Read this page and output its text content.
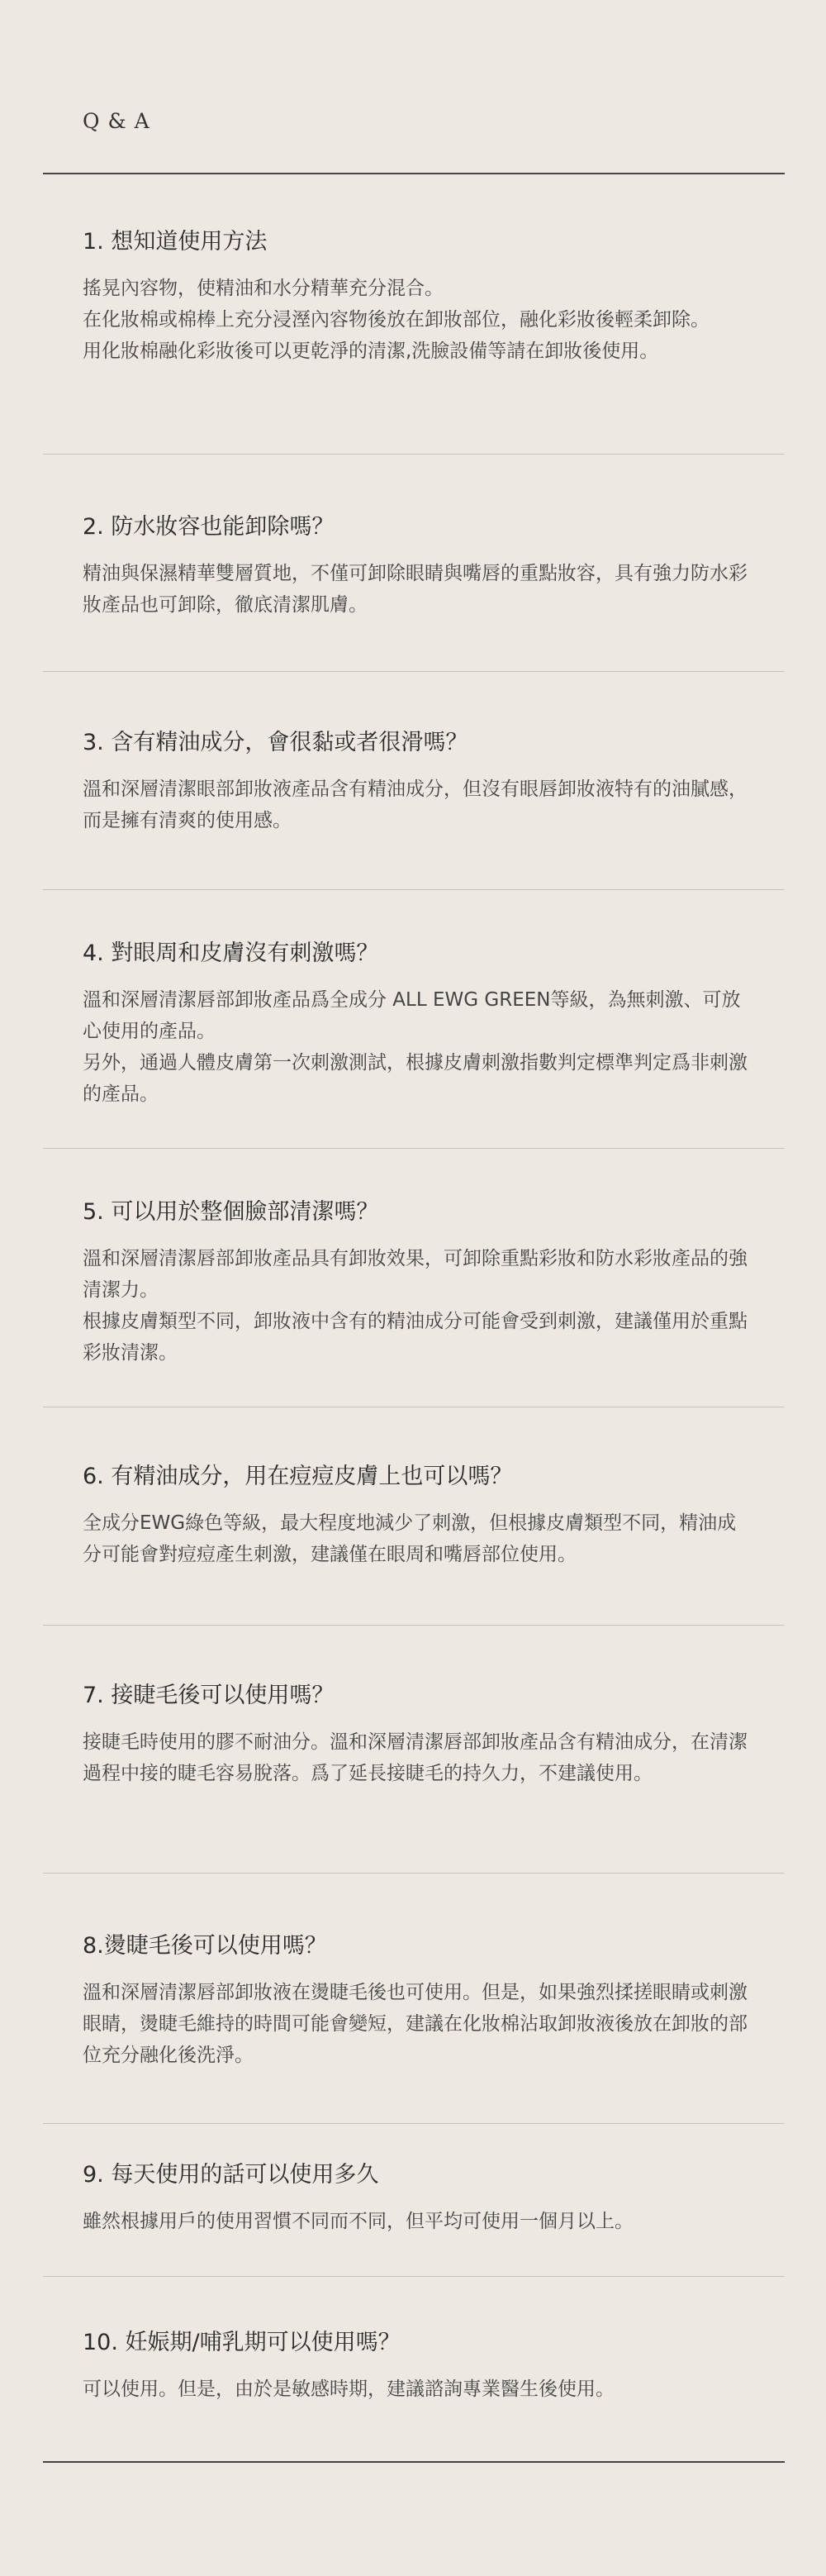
Q & A
1. 想知道使用方法

搖晃內容物，使精油和水分精華充分混合。

在化妝棉或棉棒上充分浸溼內容物後放在卸妝部位，融化彩妝後輕柔卸除。

用化妝棉融化彩妝後可以更乾淨的清潔,洗臉設備等請在卸妝後使用。

2. 防水妝容也能卸除嗎？

精油與保濕精華雙層質地，不僅可卸除眼睛與嘴唇的重點妝容，具有強力防水彩妝產品也可卸除，徹底清潔肌膚。

3. 含有精油成分，會很黏或者很滑嗎？

溫和深層清潔眼部卸妝液產品含有精油成分，但沒有眼唇卸妝液特有的油膩感，而是擁有清爽的使用感。

4. 對眼周和皮膚沒有刺激嗎？

溫和深層清潔唇部卸妝產品爲全成分 ALL EWG GREEN等級，為無刺激、可放心使用的產品。

另外，通過人體皮膚第一次刺激測試，根據皮膚刺激指數判定標準判定爲非刺激的產品。

5. 可以用於整個臉部清潔嗎？

溫和深層清潔唇部卸妝產品具有卸妝效果，可卸除重點彩妝和防水彩妝產品的強清潔力。

根據皮膚類型不同，卸妝液中含有的精油成分可能會受到刺激，建議僅用於重點彩妝清潔。

6. 有精油成分，用在痘痘皮膚上也可以嗎？

全成分EWG綠色等級，最大程度地減少了刺激，但根據皮膚類型不同，精油成分可能會對痘痘產生刺激，建議僅在眼周和嘴唇部位使用。

7. 接睫毛後可以使用嗎？

接睫毛時使用的膠不耐油分。溫和深層清潔唇部卸妝產品含有精油成分，在清潔過程中接的睫毛容易脫落。爲了延長接睫毛的持久力，不建議使用。

8.燙睫毛後可以使用嗎？

溫和深層清潔唇部卸妝液在燙睫毛後也可使用。但是，如果強烈揉搓眼睛或刺激眼睛，燙睫毛維持的時間可能會變短，建議在化妝棉沾取卸妝液後放在卸妝的部位充分融化後洗淨。

9. 每天使用的話可以使用多久

雖然根據用戶的使用習慣不同而不同，但平均可使用一個月以上。

10. 妊娠期/哺乳期可以使用嗎？

可以使用。但是，由於是敏感時期，建議諮詢專業醫生後使用。
